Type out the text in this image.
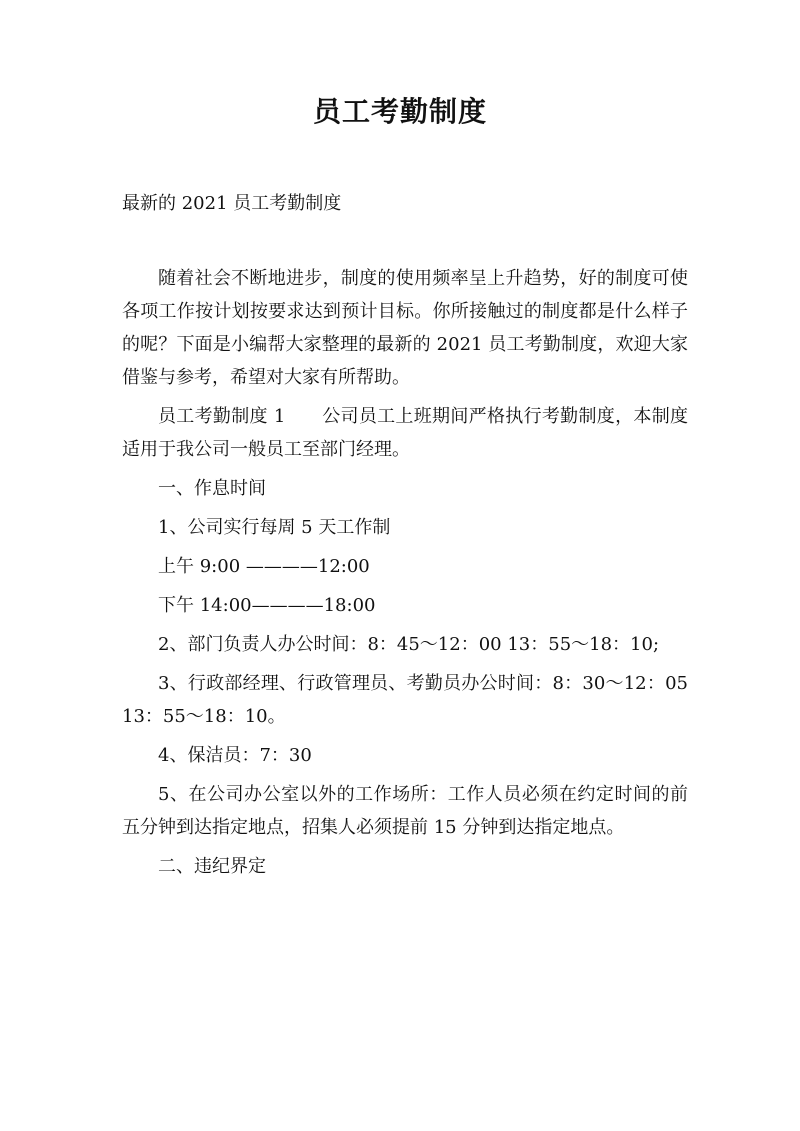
员工考勤制度
最新的 2021 员工考勤制度

随着社会不断地进步，制度的使用频率呈上升趋势，好的制度可使各项工作按计划按要求达到预计目标。你所接触过的制度都是什么样子的呢？下面是小编帮大家整理的最新的 2021 员工考勤制度，欢迎大家借鉴与参考，希望对大家有所帮助。

员工考勤制度 1　　公司员工上班期间严格执行考勤制度，本制度适用于我公司一般员工至部门经理。

一、作息时间

1、公司实行每周 5 天工作制

上午 9:00 ————12:00

下午 14:00————18:00

2、部门负责人办公时间：8：45～12：00 13：55～18：10;

3、行政部经理、行政管理员、考勤员办公时间：8：30～12：05 13：55～18：10。

4、保洁员：7：30

5、在公司办公室以外的工作场所：工作人员必须在约定时间的前五分钟到达指定地点，招集人必须提前 15 分钟到达指定地点。

二、违纪界定
